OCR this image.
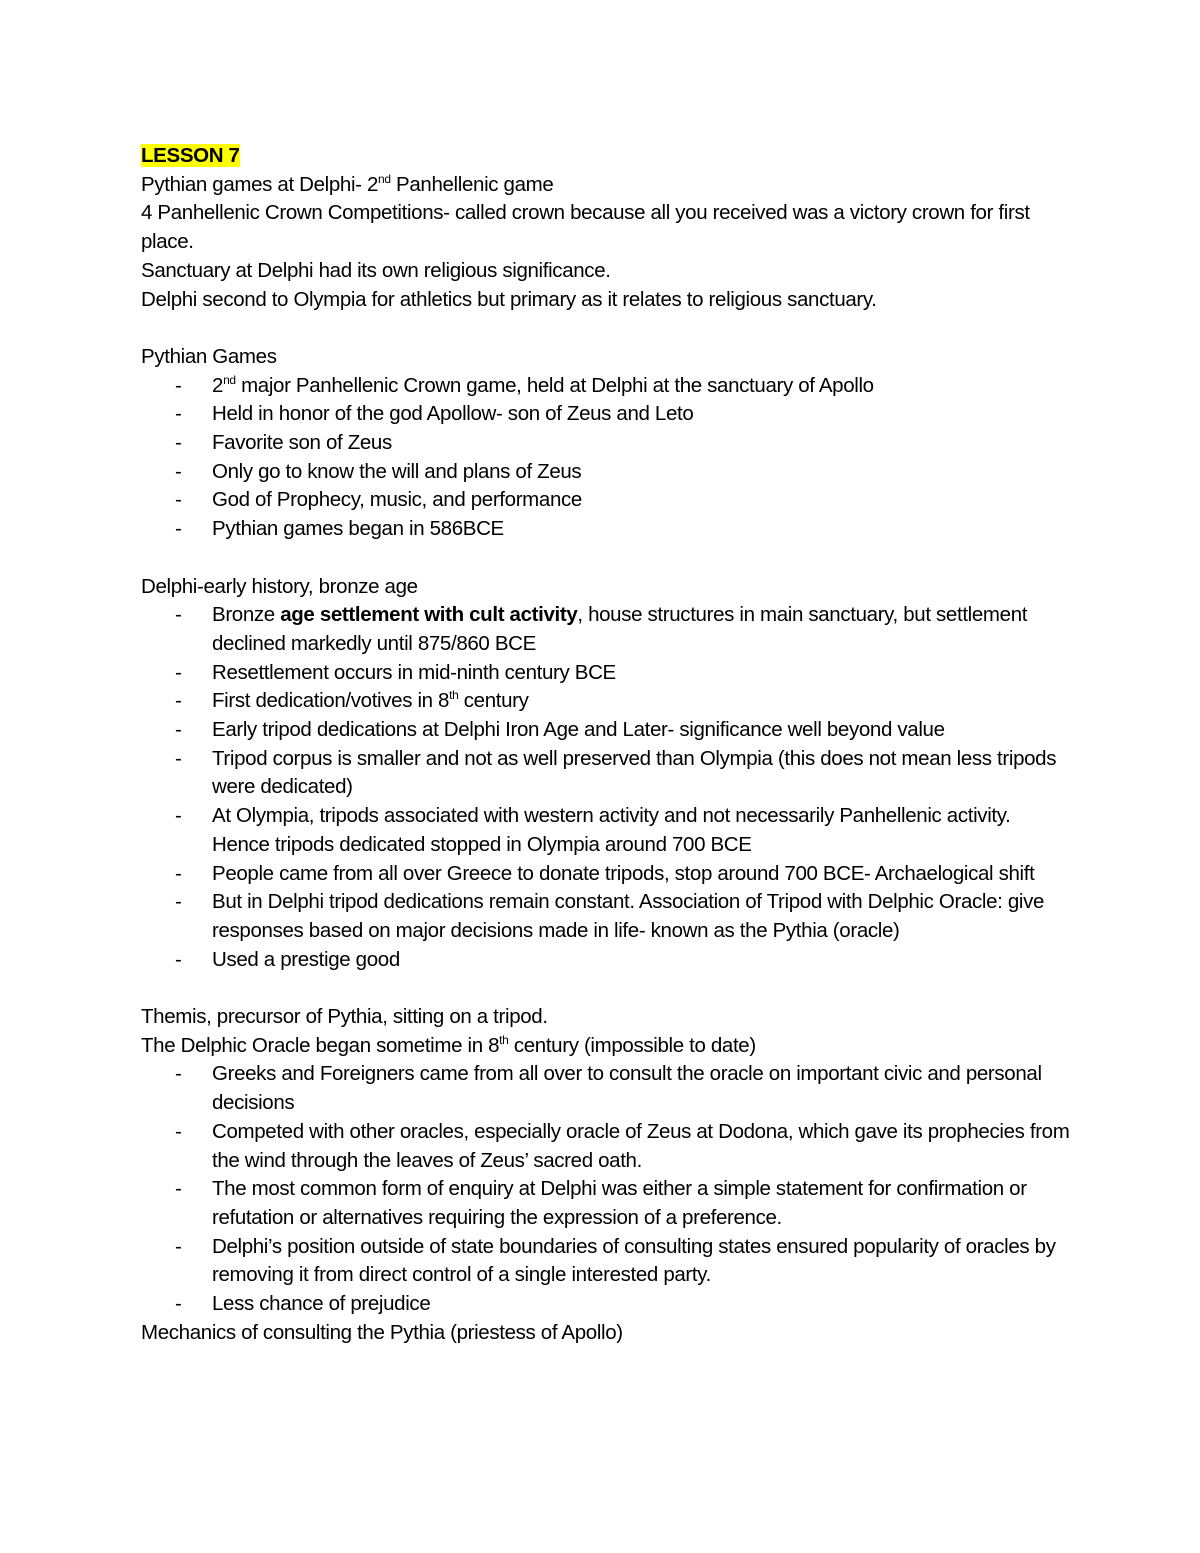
LESSON 7

Pythian games at Delphi- 2nd Panhellenic game

4 Panhellenic Crown Competitions- called crown because all you received was a victory crown for first place.

Sanctuary at Delphi had its own religious significance.

Delphi second to Olympia for athletics but primary as it relates to religious sanctuary.

Pythian Games

- 2nd major Panhellenic Crown game, held at Delphi at the sanctuary of Apollo
- Held in honor of the god Apollow- son of Zeus and Leto
- Favorite son of Zeus
- Only go to know the will and plans of Zeus
- God of Prophecy, music, and performance
- Pythian games began in 586BCE

Delphi-early history, bronze age

- Bronze age settlement with cult activity, house structures in main sanctuary, but settlement declined markedly until 875/860 BCE
- Resettlement occurs in mid-ninth century BCE
- First dedication/votives in 8th century
- Early tripod dedications at Delphi Iron Age and Later- significance well beyond value
- Tripod corpus is smaller and not as well preserved than Olympia (this does not mean less tripods were dedicated)
- At Olympia, tripods associated with western activity and not necessarily Panhellenic activity. Hence tripods dedicated stopped in Olympia around 700 BCE
- People came from all over Greece to donate tripods, stop around 700 BCE- Archaelogical shift
- But in Delphi tripod dedications remain constant. Association of Tripod with Delphic Oracle: give responses based on major decisions made in life- known as the Pythia (oracle)
- Used a prestige good

Themis, precursor of Pythia, sitting on a tripod.

The Delphic Oracle began sometime in 8th century (impossible to date)

- Greeks and Foreigners came from all over to consult the oracle on important civic and personal decisions
- Competed with other oracles, especially oracle of Zeus at Dodona, which gave its prophecies from the wind through the leaves of Zeus’ sacred oath.
- The most common form of enquiry at Delphi was either a simple statement for confirmation or refutation or alternatives requiring the expression of a preference.
- Delphi’s position outside of state boundaries of consulting states ensured popularity of oracles by removing it from direct control of a single interested party.
- Less chance of prejudice

Mechanics of consulting the Pythia (priestess of Apollo)
